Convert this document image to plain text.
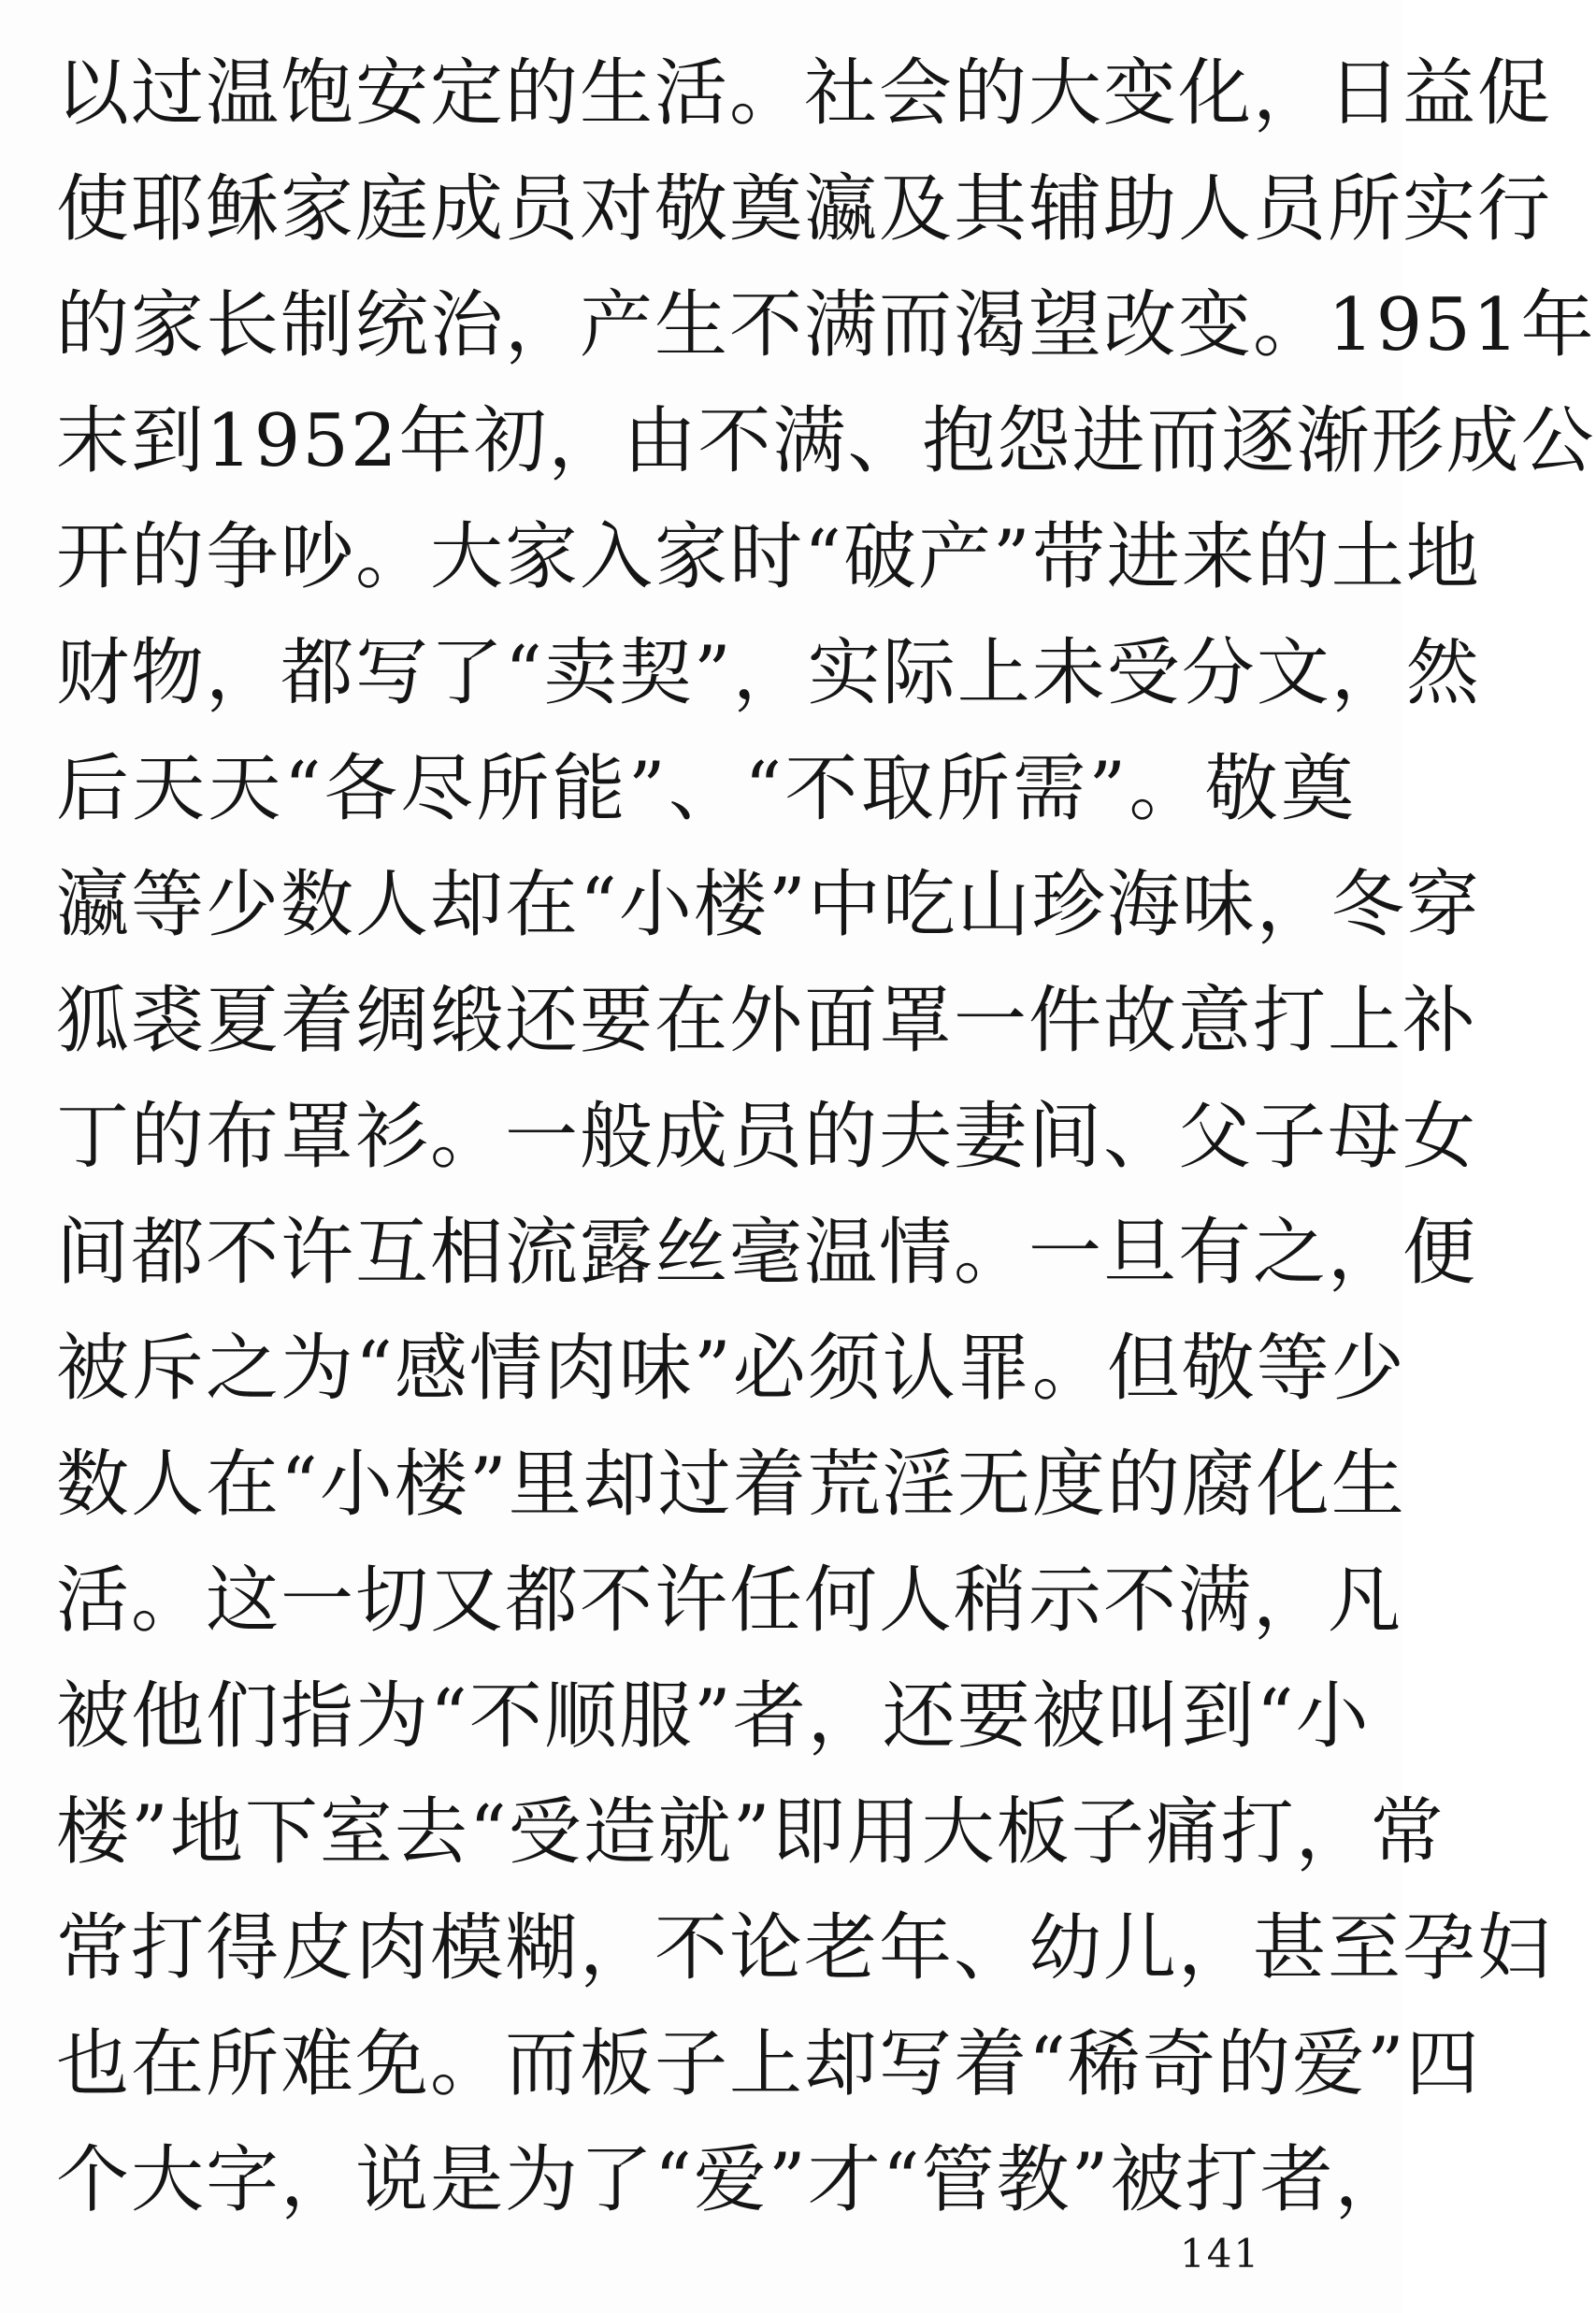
以过温饱安定的生活。社会的大变化，日益促
使耶稣家庭成员对敬奠瀛及其辅助人员所实行
的家长制统治，产生不满而渴望改变。1951年
末到1952年初，由不满、抱怨进而逐渐形成公
开的争吵。大家入家时“破产”带进来的土地
财物，都写了“卖契”，实际上未受分文，然
后天天“各尽所能”、“不取所需”。敬奠
瀛等少数人却在“小楼”中吃山珍海味，冬穿
狐裘夏着绸缎还要在外面罩一件故意打上补
丁的布罩衫。一般成员的夫妻间、父子母女
间都不许互相流露丝毫温情。一旦有之，便
被斥之为“感情肉味”必须认罪。但敬等少
数人在“小楼”里却过着荒淫无度的腐化生
活。这一切又都不许任何人稍示不满，凡
被他们指为“不顺服”者，还要被叫到“小
楼”地下室去“受造就”即用大板子痛打，常
常打得皮肉模糊，不论老年、幼儿，甚至孕妇
也在所难免。而板子上却写着“稀奇的爱”四
个大字，说是为了“爱”才“管教”被打者，
141
